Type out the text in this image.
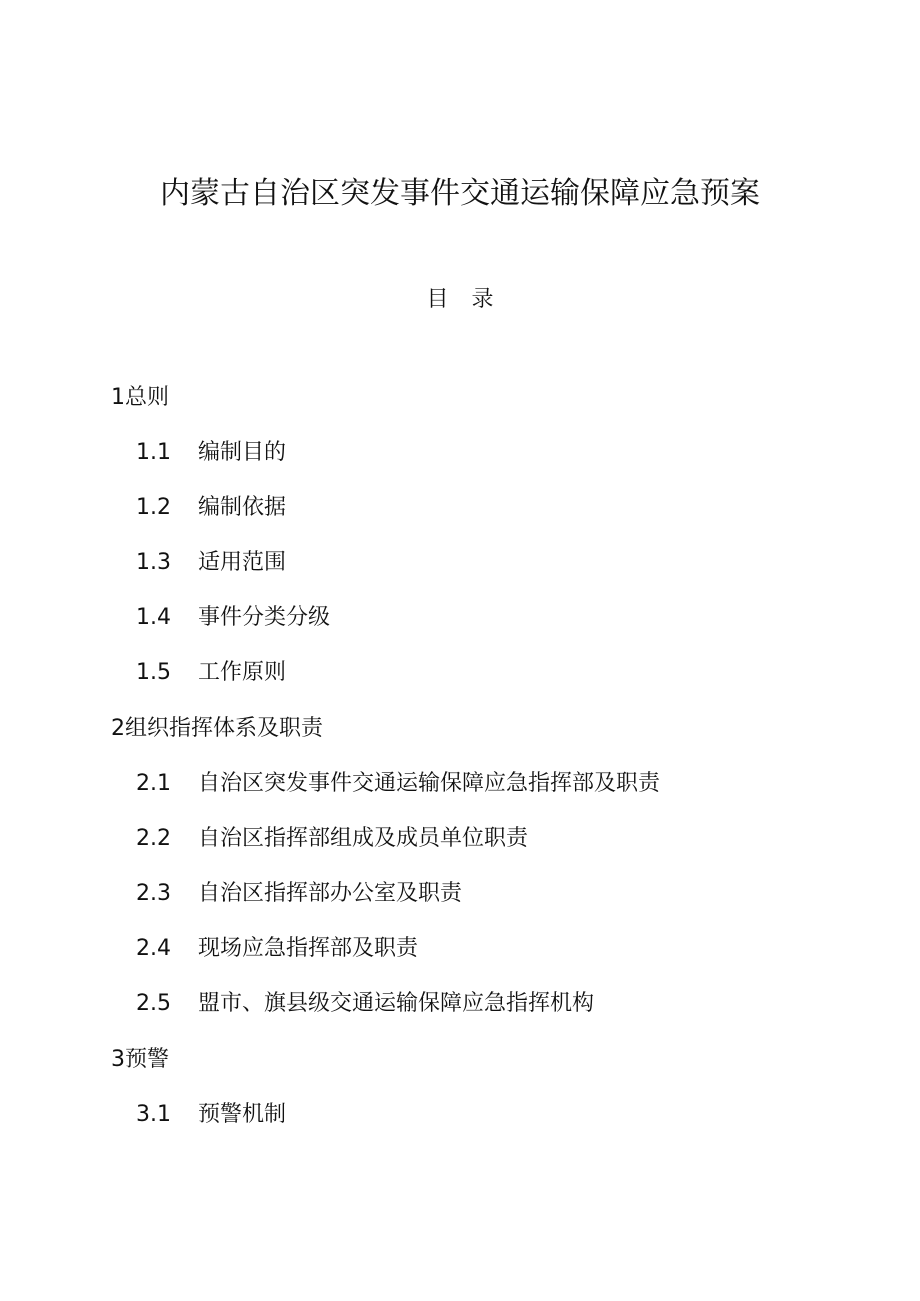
内蒙古自治区突发事件交通运输保障应急预案
目 录
1总则
1.1 编制目的
1.2 编制依据
1.3 适用范围
1.4 事件分类分级
1.5 工作原则
2组织指挥体系及职责
2.1 自治区突发事件交通运输保障应急指挥部及职责
2.2 自治区指挥部组成及成员单位职责
2.3 自治区指挥部办公室及职责
2.4 现场应急指挥部及职责
2.5 盟市、旗县级交通运输保障应急指挥机构
3预警
3.1 预警机制
